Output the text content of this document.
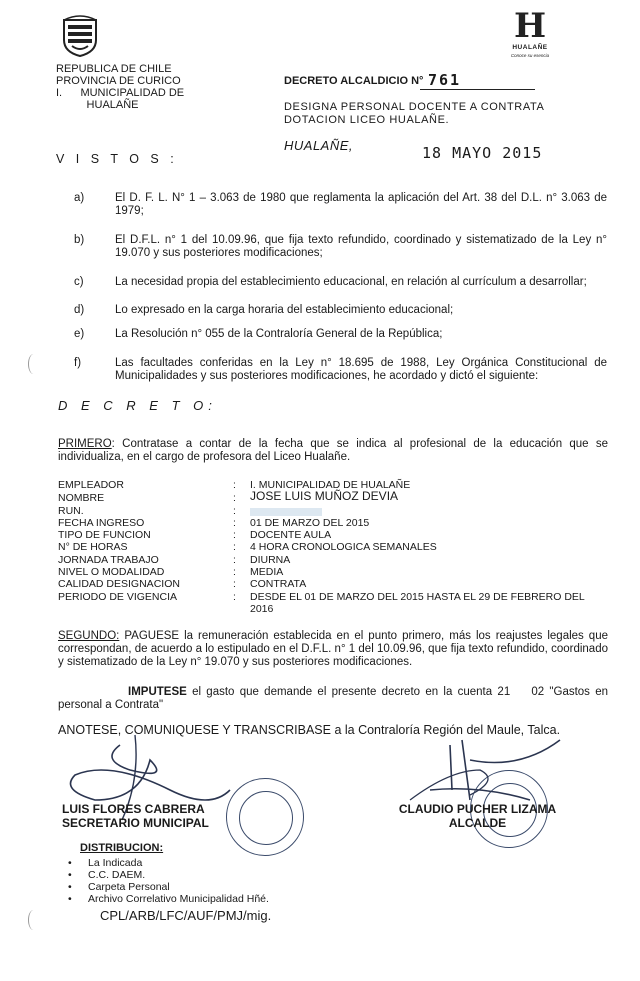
H
HUALAÑE
Conoce su esencia
REPUBLICA DE CHILE
PROVINCIA DE CURICO
I.      MUNICIPALIDAD DE
HUALAÑE
DECRETO ALCALDICIO N° 761
DESIGNA PERSONAL DOCENTE A CONTRATA DOTACION LICEO HUALAÑE.
HUALAÑE,	18 MAYO 2015
V I S T O S :
a)	El D. F. L. N° 1 – 3.063 de 1980 que reglamenta la aplicación del Art. 38 del D.L. n° 3.063 de 1979;
b)	El D.F.L. n° 1 del 10.09.96, que fija texto refundido, coordinado y sistematizado de la Ley n° 19.070 y sus posteriores modificaciones;
c)	La necesidad propia del establecimiento educacional, en relación al currículum a desarrollar;
d)	Lo expresado en la carga horaria del establecimiento educacional;
e)	La Resolución n° 055 de la Contraloría General de la República;
f)	Las facultades conferidas en la Ley n° 18.695 de 1988, Ley Orgánica Constitucional de Municipalidades y sus posteriores modificaciones, he acordado y dictó el siguiente:
D E C R E T O:
PRIMERO: Contratase a contar de la fecha que se indica al profesional de la educación que se individualiza, en el cargo de profesora del Liceo Hualañe.
EMPLEADOR	:	I. MUNICIPALIDAD DE HUALAÑE
NOMBRE	:	JOSE LUIS MUÑOZ DEVIA
RUN.	:
FECHA INGRESO	:	01 DE MARZO DEL 2015
TIPO DE FUNCION	:	DOCENTE AULA
N° DE HORAS	:	4 HORA CRONOLOGICA SEMANALES
JORNADA TRABAJO	:	DIURNA
NIVEL O MODALIDAD	:	MEDIA
CALIDAD DESIGNACION	:	CONTRATA
PERIODO DE VIGENCIA	:	DESDE EL 01 DE MARZO DEL 2015 HASTA EL 29 DE FEBRERO DEL 2016
SEGUNDO: PAGUESE la remuneración establecida en el punto primero, más los reajustes legales que correspondan, de acuerdo a lo estipulado en el D.F.L. n° 1 del 10.09.96, que fija texto refundido, coordinado y sistematizado de la Ley n° 19.070 y sus posteriores modificaciones.
IMPUTESE el gasto que demande el presente decreto en la cuenta 21    02 "Gastos en personal a Contrata"
ANOTESE, COMUNIQUESE Y TRANSCRIBASE a la Contraloría Región del Maule, Talca.
LUIS FLORES CABRERA
SECRETARIO MUNICIPAL
CLAUDIO PUCHER LIZAMA
ALCALDE
DISTRIBUCION:
• La Indicada
• C.C. DAEM.
• Carpeta Personal
• Archivo Correlativo Municipalidad Hñé.
CPL/ARB/LFC/AUF/PMJ/mig.
